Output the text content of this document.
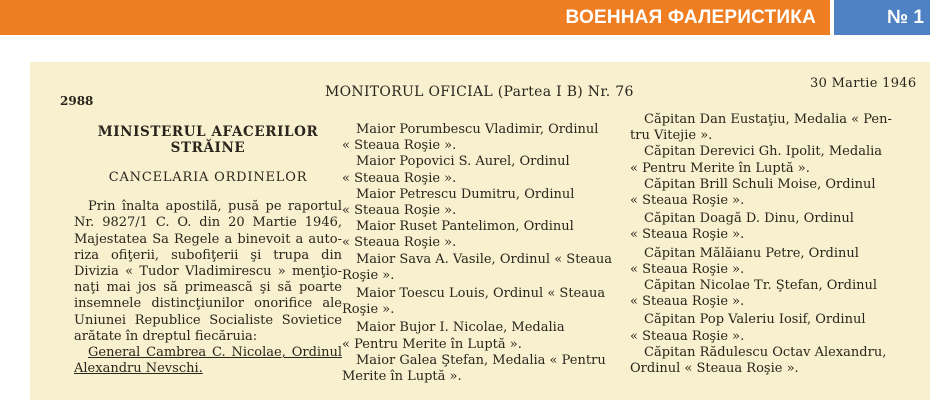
ВОЕННАЯ ФАЛЕРИСТИКА	№ 1
2988
MONITORUL OFICIAL (Partea I B) Nr. 76
30 Martie 1946
MINISTERUL AFACERILOR
STRĂINE
CANCELARIA ORDINELOR

Prin înalta apostilă, pusă pe raportul

Nr. 9827/1 C. O. din 20 Martie 1946,

Majestatea Sa Regele a binevoit a auto-

riza ofiţerii, subofiţerii şi trupa din

Divizia « Tudor Vladimirescu » menţio-

naţi mai jos să primească şi să poarte

insemnele distincţiunilor onorifice ale

Uniunei Republice Socialiste Sovietice

arătate în dreptul fiecăruia:

General Cambrea C. Nicolae, Ordinul

Alexandru Nevschi.

Maior Porumbescu Vladimir, Ordinul

« Steaua Roşie ».

Maior Popovici S. Aurel, Ordinul

« Steaua Roşie ».

Maior Petrescu Dumitru, Ordinul

« Steaua Roşie ».

Maior Ruset Pantelimon, Ordinul

« Steaua Roşie ».

Maior Sava A. Vasile, Ordinul « Steaua

Roşie ».

Maior Toescu Louis, Ordinul « Steaua

Roşie ».

Maior Bujor I. Nicolae, Medalia

« Pentru Merite în Luptă ».

Maior Galea Ştefan, Medalia « Pentru

Merite în Luptă ».

Căpitan Dan Eustaţiu, Medalia « Pen-

tru Vitejie ».

Căpitan Derevici Gh. Ipolit, Medalia

« Pentru Merite în Luptă ».

Căpitan Brill Schuli Moise, Ordinul

« Steaua Roşie ».

Căpitan Doagă D. Dinu, Ordinul

« Steaua Roşie ».

Căpitan Mălăianu Petre, Ordinul

« Steaua Roşie ».

Căpitan Nicolae Tr. Ştefan, Ordinul

« Steaua Roşie ».

Căpitan Pop Valeriu Iosif, Ordinul

« Steaua Roşie ».

Căpitan Rădulescu Octav Alexandru,

Ordinul « Steaua Roşie ».
